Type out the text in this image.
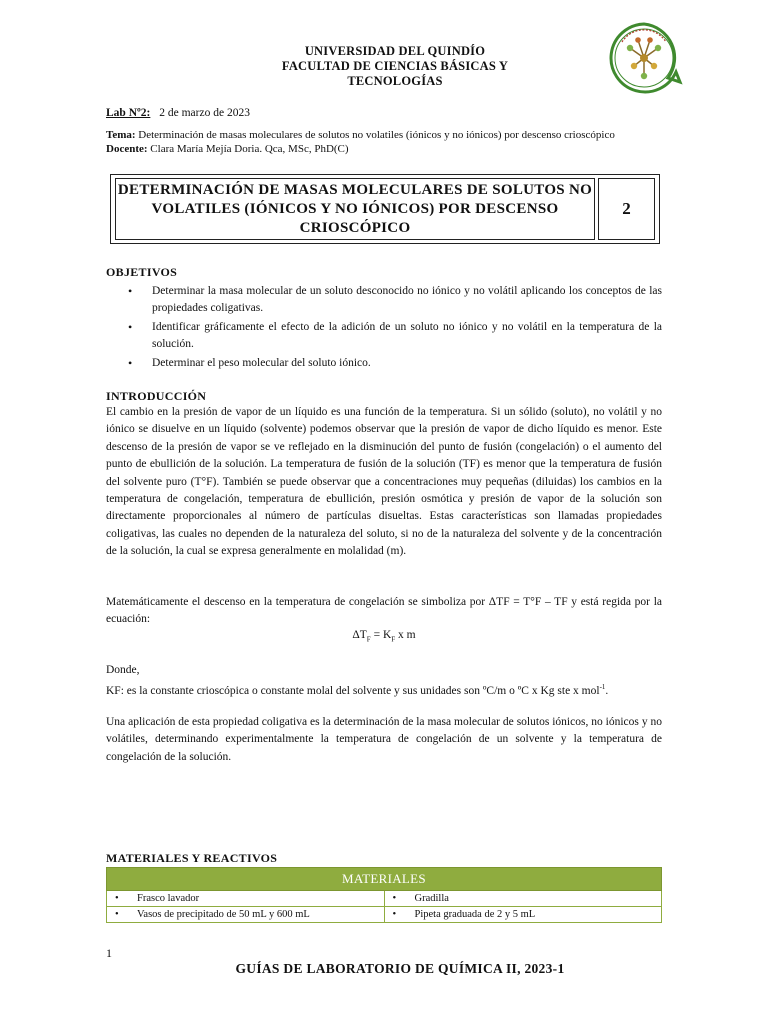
UNIVERSIDAD DEL QUINDÍO
FACULTAD DE CIENCIAS BÁSICAS Y
TECNOLOGÍAS
Lab Nº2: 2 de marzo de 2023
Tema: Determinación de masas moleculares de solutos no volatiles (iónicos y no iónicos) por descenso crioscópico
Docente: Clara María Mejía Doria. Qca, MSc, PhD(C)
DETERMINACIÓN DE MASAS MOLECULARES DE SOLUTOS NO VOLATILES (IÓNICOS Y NO IÓNICOS) POR DESCENSO CRIOSCÓPICO
2
OBJETIVOS
• Determinar la masa molecular de un soluto desconocido no iónico y no volátil aplicando los conceptos de las propiedades coligativas.
• Identificar gráficamente el efecto de la adición de un soluto no iónico y no volátil en la temperatura de la solución.
• Determinar el peso molecular del soluto iónico.
INTRODUCCIÓN

El cambio en la presión de vapor de un líquido es una función de la temperatura. Si un sólido (soluto), no volátil y no iónico se disuelve en un líquido (solvente) podemos observar que la presión de vapor de dicho líquido es menor. Este descenso de la presión de vapor se ve reflejado en la disminución del punto de fusión (congelación) o el aumento del punto de ebullición de la solución. La temperatura de fusión de la solución (TF) es menor que la temperatura de fusión del solvente puro (T°F). También se puede observar que a concentraciones muy pequeñas (diluidas) los cambios en la temperatura de congelación, temperatura de ebullición, presión osmótica y presión de vapor de la solución son directamente proporcionales al número de partículas disueltas. Estas características son llamadas propiedades coligativas, las cuales no dependen de la naturaleza del soluto, si no de la naturaleza del solvente y de la concentración de la solución, la cual se expresa generalmente en molalidad (m).

Matemáticamente el descenso en la temperatura de congelación se simboliza por ΔTF = T°F – TF y está regida por la ecuación:

$\Delta T_F = K_F$ x m

Donde,

KF: es la constante crioscópica o constante molal del solvente y sus unidades son ºC/m o ºC x Kg ste x mol$^{-1}$.

Una aplicación de esta propiedad coligativa es la determinación de la masa molecular de solutos iónicos, no iónicos y no volátiles, determinando experimentalmente la temperatura de congelación de un solvente y la temperatura de congelación de la solución.

MATERIALES Y REACTIVOS
MATERIALES	
• Frasco lavador	• Gradilla
• Vasos de precipitado de 50 mL y 600 mL	• Pipeta graduada de 2 y 5 mL
1
GUÍAS DE LABORATORIO DE QUÍMICA II, 2023-1
